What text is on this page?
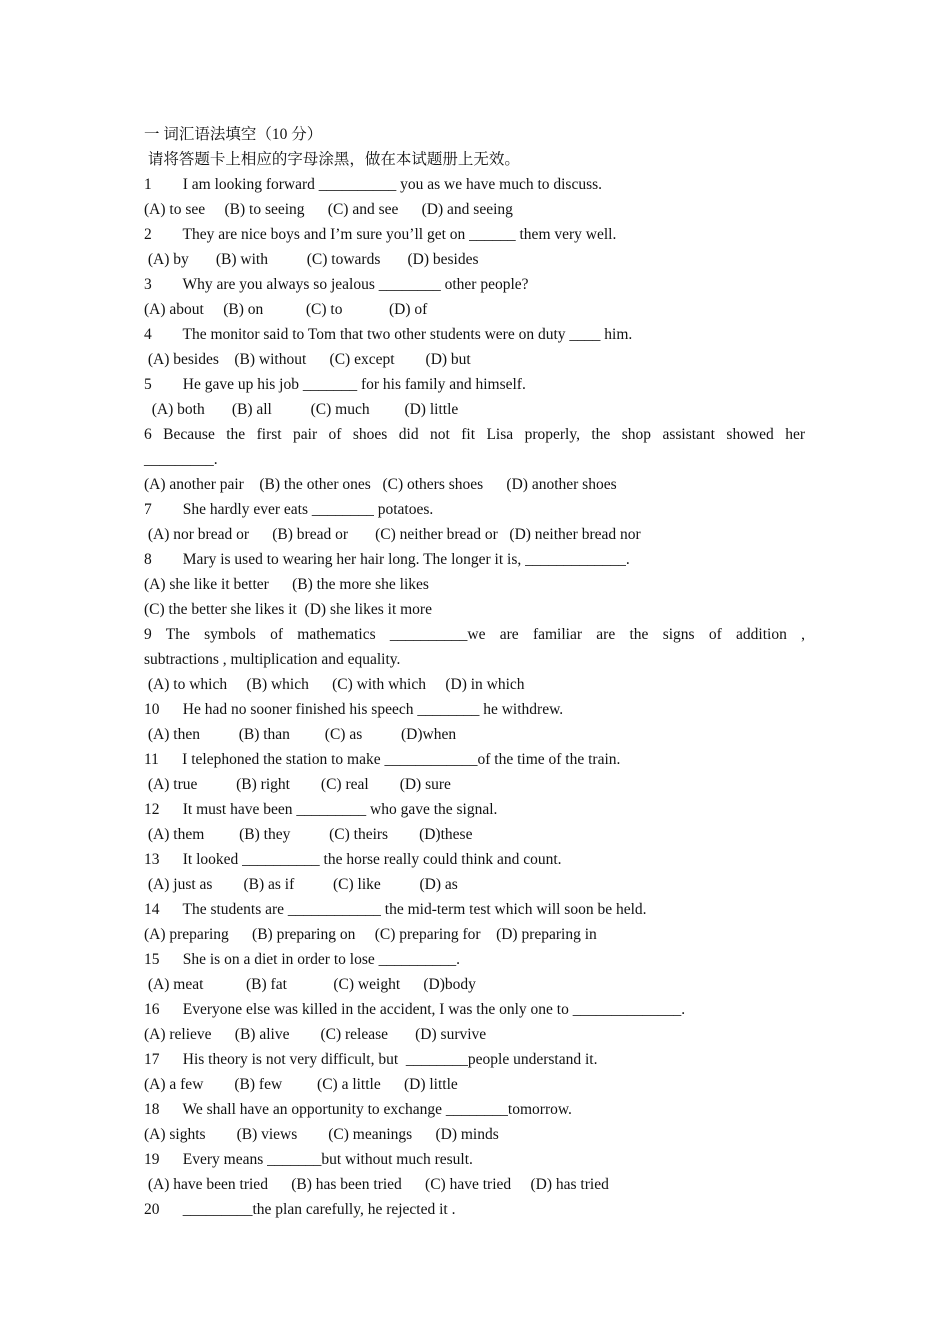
一 词汇语法填空（10 分）
请将答题卡上相应的字母涂黑，做在本试题册上无效。
1        I am looking forward __________ you as we have much to discuss.
(A) to see     (B) to seeing      (C) and see      (D) and seeing
2        They are nice boys and I’m sure you’ll get on ______ them very well.
(A) by       (B) with          (C) towards       (D) besides
3        Why are you always so jealous ________ other people?
(A) about     (B) on           (C) to            (D) of
4        The monitor said to Tom that two other students were on duty ____ him.
(A) besides    (B) without      (C) except        (D) but
5        He gave up his job _______ for his family and himself.
(A) both       (B) all          (C) much         (D) little
6 Because the first pair of shoes did not fit Lisa properly, the shop assistant showed her
_________.
(A) another pair    (B) the other ones   (C) others shoes      (D) another shoes
7        She hardly ever eats ________ potatoes.
(A) nor bread or      (B) bread or       (C) neither bread or   (D) neither bread nor
8        Mary is used to wearing her hair long. The longer it is, _____________.
(A) she like it better      (B) the more she likes
(C) the better she likes it  (D) she likes it more
9 The symbols of mathematics __________we are familiar are the signs of addition ,
subtractions , multiplication and equality.
(A) to which     (B) which      (C) with which     (D) in which
10      He had no sooner finished his speech ________ he withdrew.
(A) then          (B) than         (C) as          (D)when
11      I telephoned the station to make ____________of the time of the train.
(A) true          (B) right        (C) real        (D) sure
12      It must have been _________ who gave the signal.
(A) them         (B) they          (C) theirs        (D)these
13      It looked __________ the horse really could think and count.
(A) just as        (B) as if          (C) like          (D) as
14      The students are ____________ the mid-term test which will soon be held.
(A) preparing      (B) preparing on     (C) preparing for    (D) preparing in
15      She is on a diet in order to lose __________.
(A) meat           (B) fat            (C) weight      (D)body
16      Everyone else was killed in the accident, I was the only one to ______________.
(A) relieve      (B) alive        (C) release       (D) survive
17      His theory is not very difficult, but  ________people understand it.
(A) a few        (B) few         (C) a little      (D) little
18      We shall have an opportunity to exchange ________tomorrow.
(A) sights        (B) views        (C) meanings      (D) minds
19      Every means _______but without much result.
(A) have been tried      (B) has been tried      (C) have tried     (D) has tried
20      _________the plan carefully, he rejected it .
